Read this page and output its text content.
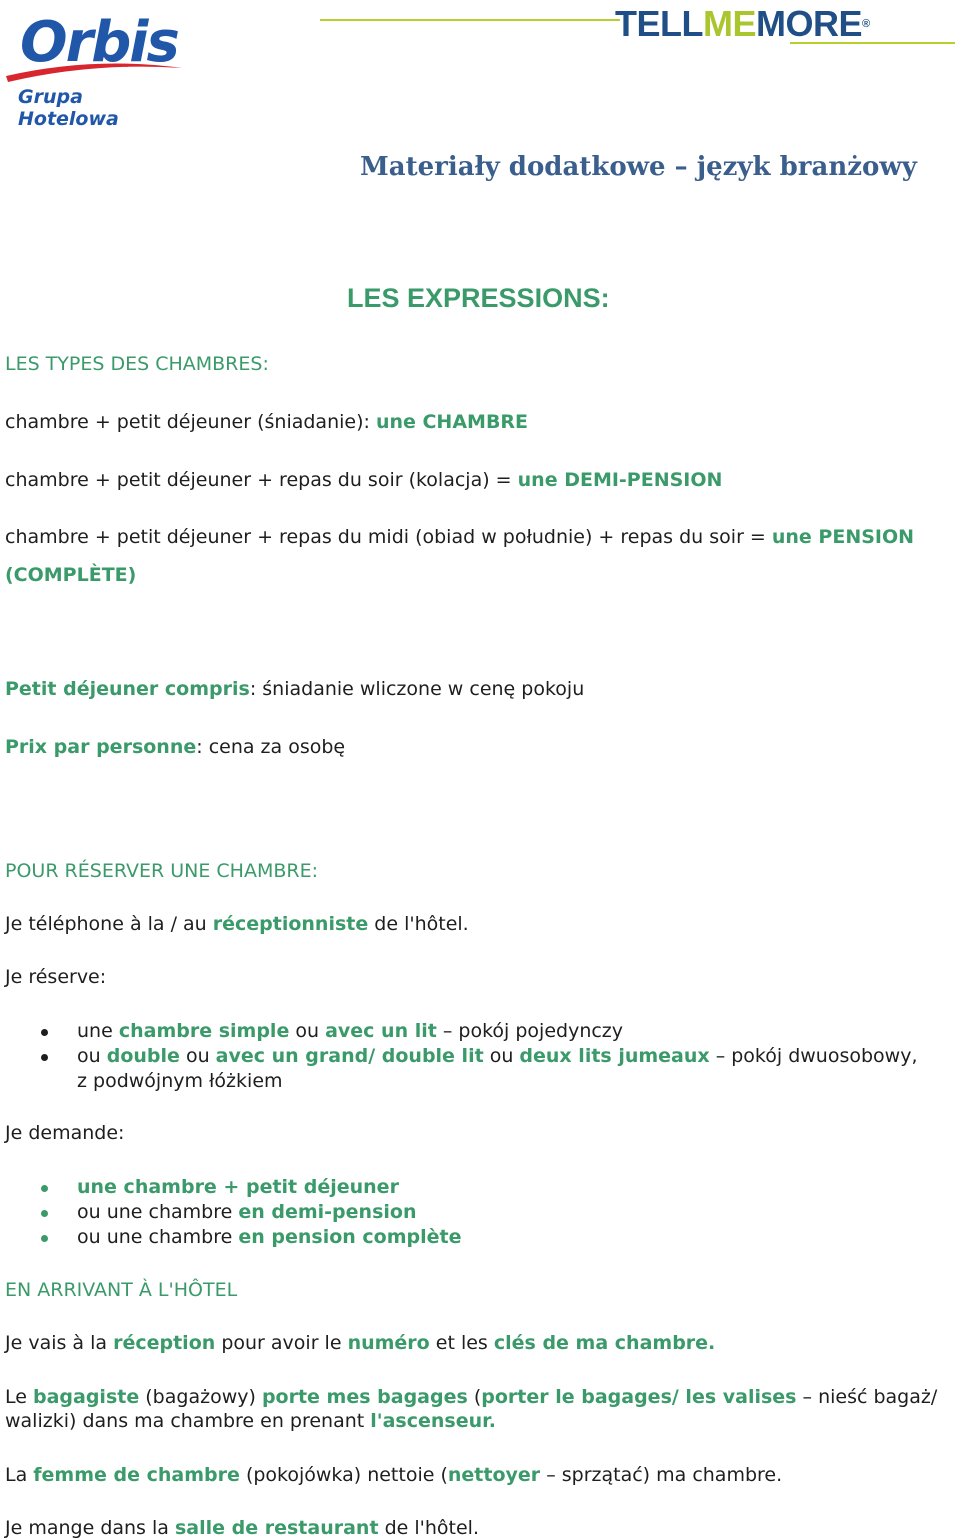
Orbis
Grupa Hotelowa
TELLMEMORE®
Materiały dodatkowe – język branżowy
LES EXPRESSIONS:
LES TYPES DES CHAMBRES:
chambre + petit déjeuner (śniadanie): une CHAMBRE
chambre + petit déjeuner + repas du soir (kolacja) = une DEMI-PENSION
chambre + petit déjeuner + repas du midi (obiad w południe) + repas du soir = une PENSION
(COMPLÈTE)
Petit déjeuner compris: śniadanie wliczone w cenę pokoju
Prix par personne: cena za osobę
POUR RÉSERVER UNE CHAMBRE:
Je téléphone à la / au réceptionniste de l'hôtel.
Je réserve:
une chambre simple ou avec un lit – pokój pojedynczy
ou double ou avec un grand/ double lit ou deux lits jumeaux – pokój dwuosobowy, z podwójnym łóżkiem
Je demande:
une chambre + petit déjeuner
ou une chambre en demi-pension
ou une chambre en pension complète
EN ARRIVANT À L'HÔTEL
Je vais à la réception pour avoir le numéro et les clés de ma chambre.
Le bagagiste (bagażowy) porte mes bagages (porter le bagages/ les valises – nieść bagaż/
walizki) dans ma chambre en prenant l'ascenseur.
La femme de chambre (pokojówka) nettoie (nettoyer – sprzątać) ma chambre.
Je mange dans la salle de restaurant de l'hôtel.
